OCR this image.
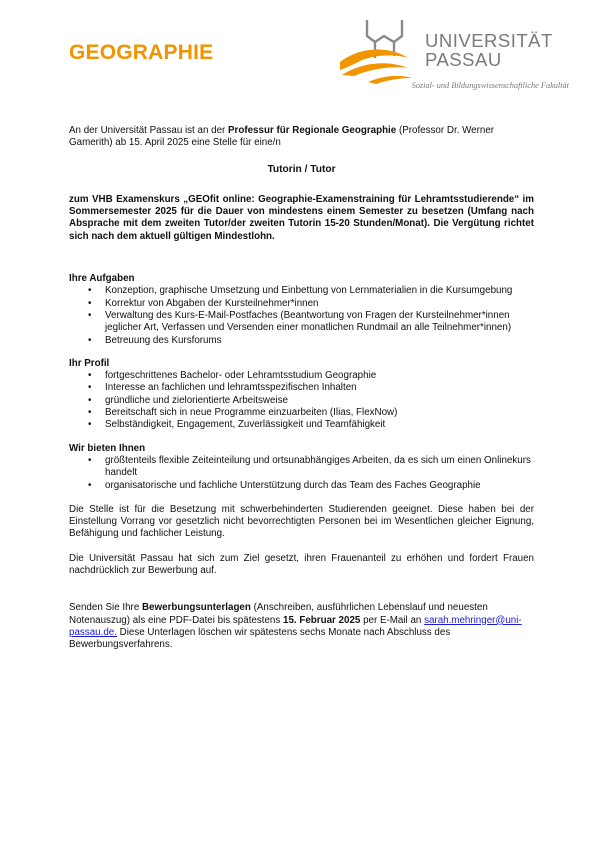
GEOGRAPHIE
UNIVERSITÄT
PASSAU
Sozial- und Bildungswissenschaftliche Fakultät

An der Universität Passau ist an der Professur für Regionale Geographie (Professor Dr. Werner Gamerith) ab 15. April 2025 eine Stelle für eine/n

Tutorin / Tutor

zum VHB Examenskurs „GEOfit online: Geographie-Examenstraining für Lehramtsstudierende“ im Sommersemester 2025 für die Dauer von mindestens einem Semester zu besetzen (Umfang nach Absprache mit dem zweiten Tutor/der zweiten Tutorin 15-20 Stunden/Monat). Die Vergütung richtet sich nach dem aktuell gültigen Mindestlohn.

Ihre Aufgaben

• Konzeption, graphische Umsetzung und Einbettung von Lernmaterialien in die Kursumgebung
• Korrektur von Abgaben der Kursteilnehmer*innen
• Verwaltung des Kurs-E-Mail-Postfaches (Beantwortung von Fragen der Kursteilnehmer*innen jeglicher Art, Verfassen und Versenden einer monatlichen Rundmail an alle Teilnehmer*innen)
• Betreuung des Kursforums

Ihr Profil

• fortgeschrittenes Bachelor- oder Lehramtsstudium Geographie
• Interesse an fachlichen und lehramtsspezifischen Inhalten
• gründliche und zielorientierte Arbeitsweise
• Bereitschaft sich in neue Programme einzuarbeiten (Ilias, FlexNow)
• Selbständigkeit, Engagement, Zuverlässigkeit und Teamfähigkeit

Wir bieten Ihnen

• größtenteils flexible Zeiteinteilung und ortsunabhängiges Arbeiten, da es sich um einen Onlinekurs handelt
• organisatorische und fachliche Unterstützung durch das Team des Faches Geographie

Die Stelle ist für die Besetzung mit schwerbehinderten Studierenden geeignet. Diese haben bei der Einstellung Vorrang vor gesetzlich nicht bevorrechtigten Personen bei im Wesentlichen gleicher Eignung, Befähigung und fachlicher Leistung.

Die Universität Passau hat sich zum Ziel gesetzt, ihren Frauenanteil zu erhöhen und fordert Frauen nachdrücklich zur Bewerbung auf.

Senden Sie Ihre Bewerbungsunterlagen (Anschreiben, ausführlichen Lebenslauf und neuesten Notenauszug) als eine PDF-Datei bis spätestens 15. Februar 2025 per E-Mail an sarah.mehringer@uni-passau.de. Diese Unterlagen löschen wir spätestens sechs Monate nach Abschluss des Bewerbungsverfahrens.
